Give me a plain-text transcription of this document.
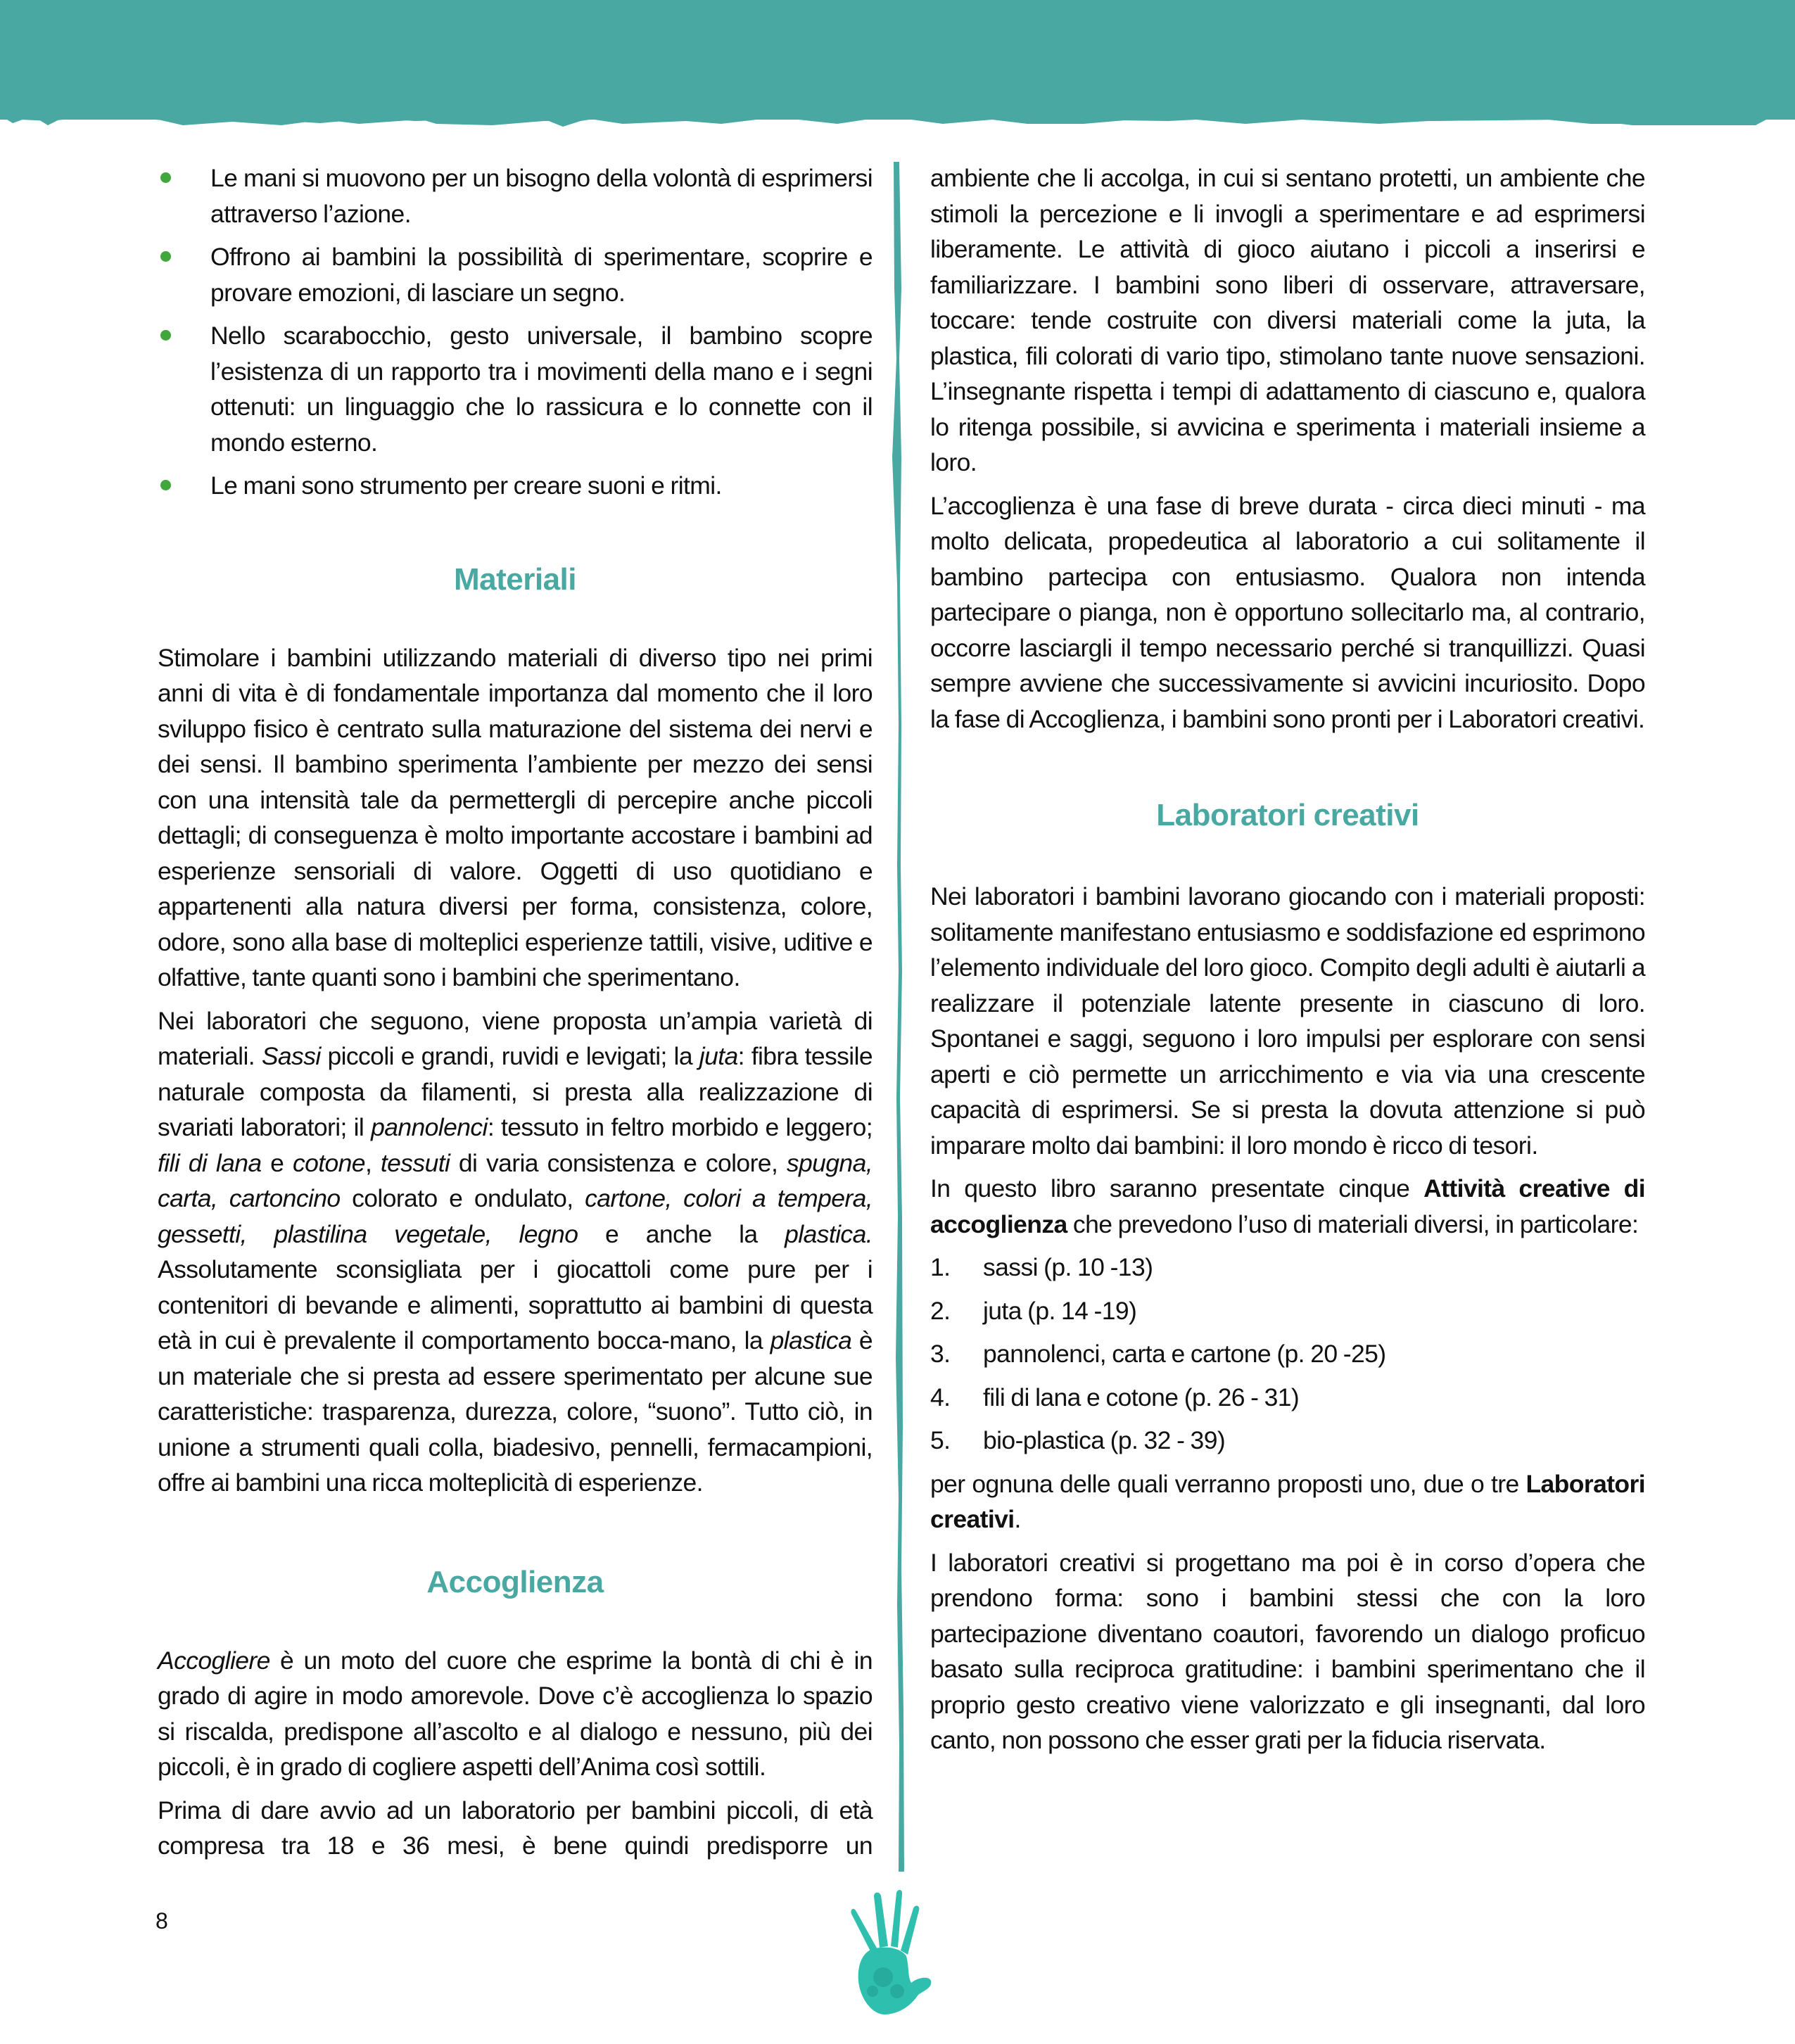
Le mani si muovono per un bisogno della volontà di esprimersi attraverso l’azione.
Offrono ai bambini la possibilità di sperimentare, scoprire e provare emozioni, di lasciare un segno.
Nello scarabocchio, gesto universale, il bambino scopre l’esistenza di un rapporto tra i movimenti della mano e i segni ottenuti: un linguaggio che lo rassicura e lo connette con il mondo esterno.
Le mani sono strumento per creare suoni e ritmi.
Materiali

Stimolare i bambini utilizzando materiali di diverso tipo nei primi anni di vita è di fondamentale importanza dal momento che il loro sviluppo fisico è centrato sulla maturazione del sistema dei nervi e dei sensi. Il bambino sperimenta l’ambiente per mezzo dei sensi con una intensità tale da permettergli di percepire anche piccoli dettagli; di conseguenza è molto importante accostare i bambini ad esperienze sensoriali di valore. Oggetti di uso quotidiano e appartenenti alla natura diversi per forma, consistenza, colore, odore, sono alla base di molteplici esperienze tattili, visive, uditive e olfattive, tante quanti sono i bambini che sperimentano.

Nei laboratori che seguono, viene proposta un’ampia varietà di materiali. Sassi piccoli e grandi, ruvidi e levigati; la juta: fibra tessile naturale composta da filamenti, si presta alla realizzazione di svariati laboratori; il pannolenci: tessuto in feltro morbido e leggero; fili di lana e cotone, tessuti di varia consistenza e colore, spugna, carta, cartoncino colorato e ondulato, cartone, colori a tempera, gessetti, plastilina vegetale, legno e anche la plastica. Assolutamente sconsigliata per i giocattoli come pure per i contenitori di bevande e alimenti, soprattutto ai bambini di questa età in cui è prevalente il comportamento bocca-mano, la plastica è un materiale che si presta ad essere sperimentato per alcune sue caratteristiche: trasparenza, durezza, colore, “suono”. Tutto ciò, in unione a strumenti quali colla, biadesivo, pennelli, fermacampioni, offre ai bambini una ricca molteplicità di esperienze.

Accoglienza

Accogliere è un moto del cuore che esprime la bontà di chi è in grado di agire in modo amorevole. Dove c’è accoglienza lo spazio si riscalda, predispone all’ascolto e al dialogo e nessuno, più dei piccoli, è in grado di cogliere aspetti dell’Anima così sottili.

Prima di dare avvio ad un laboratorio per bambini piccoli, di età compresa tra 18 e 36 mesi, è bene quindi predisporre un

ambiente che li accolga, in cui si sentano protetti, un ambiente che stimoli la percezione e li invogli a sperimentare e ad esprimersi liberamente. Le attività di gioco aiutano i piccoli a inserirsi e familiarizzare. I bambini sono liberi di osservare, attraversare, toccare: tende costruite con diversi materiali come la juta, la plastica, fili colorati di vario tipo, stimolano tante nuove sensazioni. L’insegnante rispetta i tempi di adattamento di ciascuno e, qualora lo ritenga possibile, si avvicina e sperimenta i materiali insieme a loro.

L’accoglienza è una fase di breve durata - circa dieci minuti - ma molto delicata, propedeutica al laboratorio a cui solitamente il bambino partecipa con entusiasmo. Qualora non intenda partecipare o pianga, non è opportuno sollecitarlo ma, al contrario, occorre lasciargli il tempo necessario perché si tranquillizzi. Quasi sempre avviene che successivamente si avvicini incuriosito. Dopo la fase di Accoglienza, i bambini sono pronti per i Laboratori creativi.

Laboratori creativi

Nei laboratori i bambini lavorano giocando con i materiali proposti: solitamente manifestano entusiasmo e soddisfazione ed esprimono l’elemento individuale del loro gioco. Compito degli adulti è aiutarli a realizzare il potenziale latente presente in ciascuno di loro. Spontanei e saggi, seguono i loro impulsi per esplorare con sensi aperti e ciò permette un arricchimento e via via una crescente capacità di esprimersi. Se si presta la dovuta attenzione si può imparare molto dai bambini: il loro mondo è ricco di tesori.

In questo libro saranno presentate cinque Attività creative di accoglienza che prevedono l’uso di materiali diversi, in particolare:

1.	sassi (p. 10 -13)
2.	juta (p. 14 -19)
3.	pannolenci, carta e cartone (p. 20 -25)
4.	fili di lana e cotone (p. 26 - 31)
5.	bio-plastica (p. 32 - 39)

per ognuna delle quali verranno proposti uno, due o tre Laboratori creativi.

I laboratori creativi si progettano ma poi è in corso d’opera che prendono forma: sono i bambini stessi che con la loro partecipazione diventano coautori, favorendo un dialogo proficuo basato sulla reciproca gratitudine: i bambini sperimentano che il proprio gesto creativo viene valorizzato e gli insegnanti, dal loro canto, non possono che esser grati per la fiducia riservata.

8
